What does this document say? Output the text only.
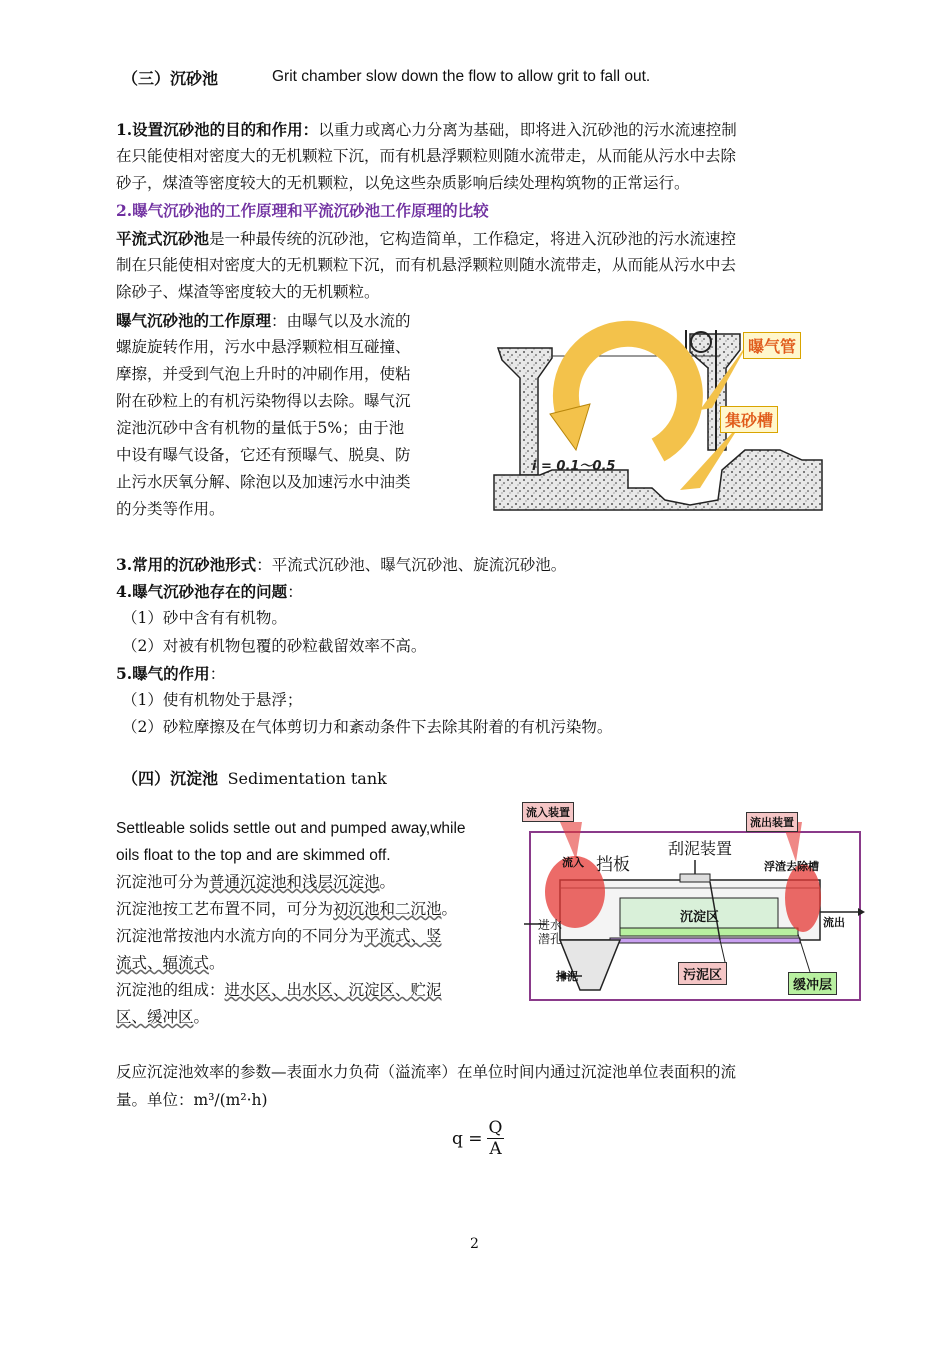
（三）沉砂池	Grit chamber slow down the flow to allow grit to fall out.
1.设置沉砂池的目的和作用：以重力或离心力分离为基础，即将进入沉砂池的污水流速控制
在只能使相对密度大的无机颗粒下沉，而有机悬浮颗粒则随水流带走，从而能从污水中去除
砂子，煤渣等密度较大的无机颗粒，以免这些杂质影响后续处理构筑物的正常运行。
2.曝气沉砂池的工作原理和平流沉砂池工作原理的比较
平流式沉砂池是一种最传统的沉砂池，它构造简单，工作稳定，将进入沉砂池的污水流速控
制在只能使相对密度大的无机颗粒下沉，而有机悬浮颗粒则随水流带走，从而能从污水中去
除砂子、煤渣等密度较大的无机颗粒。
曝气沉砂池的工作原理：由曝气以及水流的
螺旋旋转作用，污水中悬浮颗粒相互碰撞、
摩擦，并受到气泡上升时的冲刷作用，使粘
附在砂粒上的有机污染物得以去除。曝气沉
淀池沉砂中含有机物的量低于5%；由于池
中设有曝气设备，它还有预曝气、脱臭、防
止污水厌氧分解、除泡以及加速污水中油类
的分类等作用。
曝气管
集砂槽
i = 0.1～0.5
3.常用的沉砂池形式：平流式沉砂池、曝气沉砂池、旋流沉砂池。
4.曝气沉砂池存在的问题：
（1）砂中含有有机物。
（2）对被有机物包覆的砂粒截留效率不高。
5.曝气的作用：
（1）使有机物处于悬浮；
（2）砂粒摩擦及在气体剪切力和紊动条件下去除其附着的有机污染物。
（四）沉淀池 Sedimentation tank
Settleable solids settle out and pumped away,while
oils float to the top and are skimmed off.
沉淀池可分为普通沉淀池和浅层沉淀池。
沉淀池按工艺布置不同，可分为初沉池和二沉池。
沉淀池常按池内水流方向的不同分为平流式、竖
流式、辐流式。
沉淀池的组成：进水区、出水区、沉淀区、贮泥
区、缓冲区。
流入装置
流出装置
挡板
刮泥装置
流入	浮渣去除槽
沉淀区	流出
进水
潜孔
排泥	污泥区
缓冲层
反应沉淀池效率的参数—表面水力负荷（溢流率）在单位时间内通过沉淀池单位表面积的流
量。单位：m³/(m²·h)
$q = \frac{Q}{A}$
2
